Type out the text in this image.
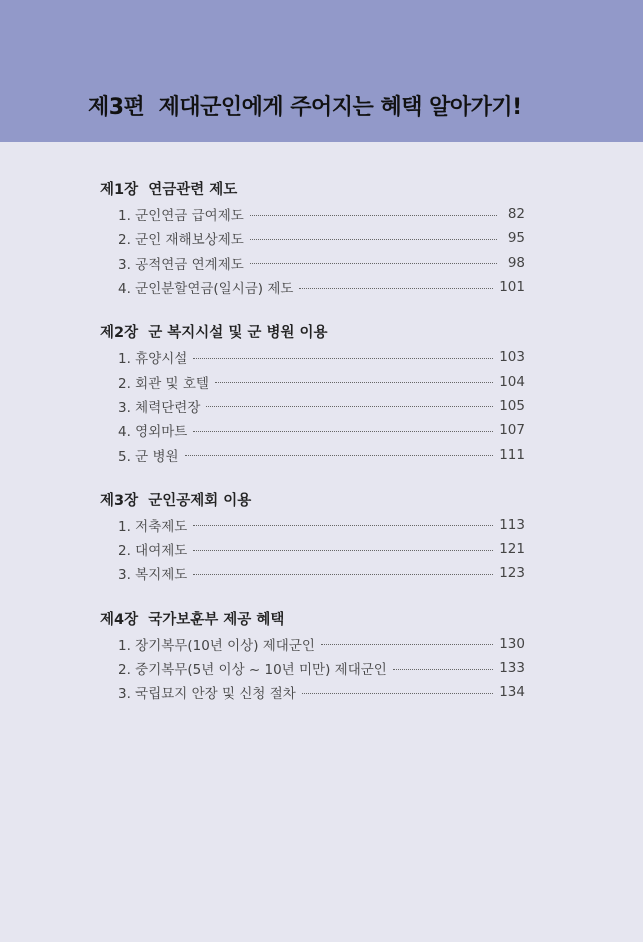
제3편  제대군인에게 주어지는 혜택 알아가기!
제1장  연금관련 제도
1. 군인연금 급여제도	82
2. 군인 재해보상제도	95
3. 공적연금 연계제도	98
4. 군인분할연금(일시금) 제도	101
제2장  군 복지시설 및 군 병원 이용
1. 휴양시설	103
2. 회관 및 호텔	104
3. 체력단련장	105
4. 영외마트	107
5. 군 병원	111
제3장  군인공제회 이용
1. 저축제도	113
2. 대여제도	121
3. 복지제도	123
제4장  국가보훈부 제공 혜택
1. 장기복무(10년 이상) 제대군인	130
2. 중기복무(5년 이상 ~ 10년 미만) 제대군인	133
3. 국립묘지 안장 및 신청 절차	134
